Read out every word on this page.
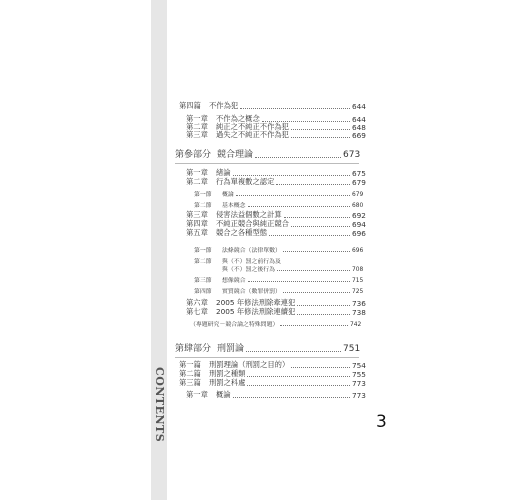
CONTENTS
第四篇 不作為犯	644
第一章 不作為之概念	644
第二章 純正之不純正不作為犯	648
第三章 過失之不純正不作為犯	669
第參部分 競合理論	673
第一章 緒論	675
第二章 行為單複數之認定	679
第一節 概論	679
第二節 基本概念	680
第三章 侵害法益個數之計算	692
第四章 不純正競合與純正競合	694
第五章 競合之各種型態	696
第一節 法條競合（法律單數）	696
第二節 與（不）罰之前行為及
與（不）罰之後行為	708
第三節 想像競合	715
第四節 實質競合（數罪併罰）	725
第六章 2005 年修法刑除牽連犯	736
第七章 2005 年修法刑除連續犯	738
（專題研究－競合論之特殊問題）	742
第肆部分 刑罰論	751
第一篇 刑罰理論（刑罰之目的）	754
第二篇 刑罰之種類	755
第三篇 刑罰之科處	773
第一章 概論	773
3
